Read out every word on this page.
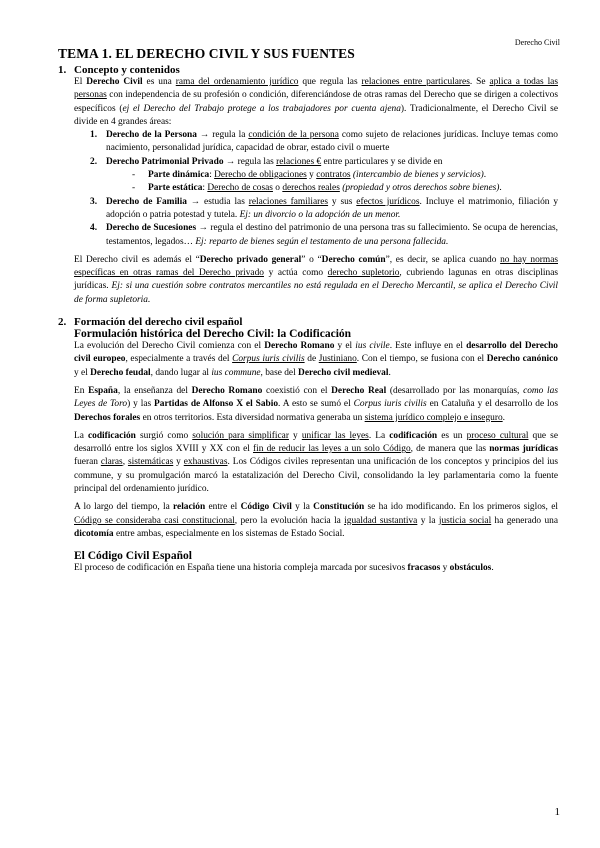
Derecho Civil
TEMA 1. EL DERECHO CIVIL Y SUS FUENTES
1. Concepto y contenidos

El Derecho Civil es una rama del ordenamiento jurídico que regula las relaciones entre particulares. Se aplica a todas las personas con independencia de su profesión o condición, diferenciándose de otras ramas del Derecho que se dirigen a colectivos específicos (ej el Derecho del Trabajo protege a los trabajadores por cuenta ajena). Tradicionalmente, el Derecho Civil se divide en 4 grandes áreas:

1. Derecho de la Persona → regula la condición de la persona como sujeto de relaciones jurídicas. Incluye temas como nacimiento, personalidad jurídica, capacidad de obrar, estado civil o muerte
2. Derecho Patrimonial Privado → regula las relaciones € entre particulares y se divide en
-	Parte dinámica: Derecho de obligaciones y contratos (intercambio de bienes y servicios).
-	Parte estática: Derecho de cosas o derechos reales (propiedad y otros derechos sobre bienes).
3. Derecho de Familia → estudia las relaciones familiares y sus efectos jurídicos. Incluye el matrimonio, filiación y adopción o patria potestad y tutela. Ej: un divorcio o la adopción de un menor.
4. Derecho de Sucesiones → regula el destino del patrimonio de una persona tras su fallecimiento. Se ocupa de herencias, testamentos, legados… Ej: reparto de bienes según el testamento de una persona fallecida.

El Derecho civil es además el “Derecho privado general” o “Derecho común”, es decir, se aplica cuando no hay normas específicas en otras ramas del Derecho privado y actúa como derecho supletorio, cubriendo lagunas en otras disciplinas jurídicas. Ej: si una cuestión sobre contratos mercantiles no está regulada en el Derecho Mercantil, se aplica el Derecho Civil de forma supletoria.

2. Formación del derecho civil español
Formulación histórica del Derecho Civil: la Codificación

La evolución del Derecho Civil comienza con el Derecho Romano y el ius civile. Este influye en el desarrollo del Derecho civil europeo, especialmente a través del Corpus iuris civilis de Justiniano. Con el tiempo, se fusiona con el Derecho canónico y el Derecho feudal, dando lugar al ius commune, base del Derecho civil medieval.

En España, la enseñanza del Derecho Romano coexistió con el Derecho Real (desarrollado por las monarquías, como las Leyes de Toro) y las Partidas de Alfonso X el Sabio. A esto se sumó el Corpus iuris civilis en Cataluña y el desarrollo de los Derechos forales en otros territorios. Esta diversidad normativa generaba un sistema jurídico complejo e inseguro.

La codificación surgió como solución para simplificar y unificar las leyes. La codificación es un proceso cultural que se desarrolló entre los siglos XVIII y XX con el fin de reducir las leyes a un solo Código, de manera que las normas jurídicas fueran claras, sistemáticas y exhaustivas. Los Códigos civiles representan una unificación de los conceptos y principios del ius commune, y su promulgación marcó la estatalización del Derecho Civil, consolidando la ley parlamentaria como la fuente principal del ordenamiento jurídico.

A lo largo del tiempo, la relación entre el Código Civil y la Constitución se ha ido modificando. En los primeros siglos, el Código se consideraba casi constitucional, pero la evolución hacia la igualdad sustantiva y la justicia social ha generado una dicotomía entre ambas, especialmente en los sistemas de Estado Social.

El Código Civil Español

El proceso de codificación en España tiene una historia compleja marcada por sucesivos fracasos y obstáculos.

1
